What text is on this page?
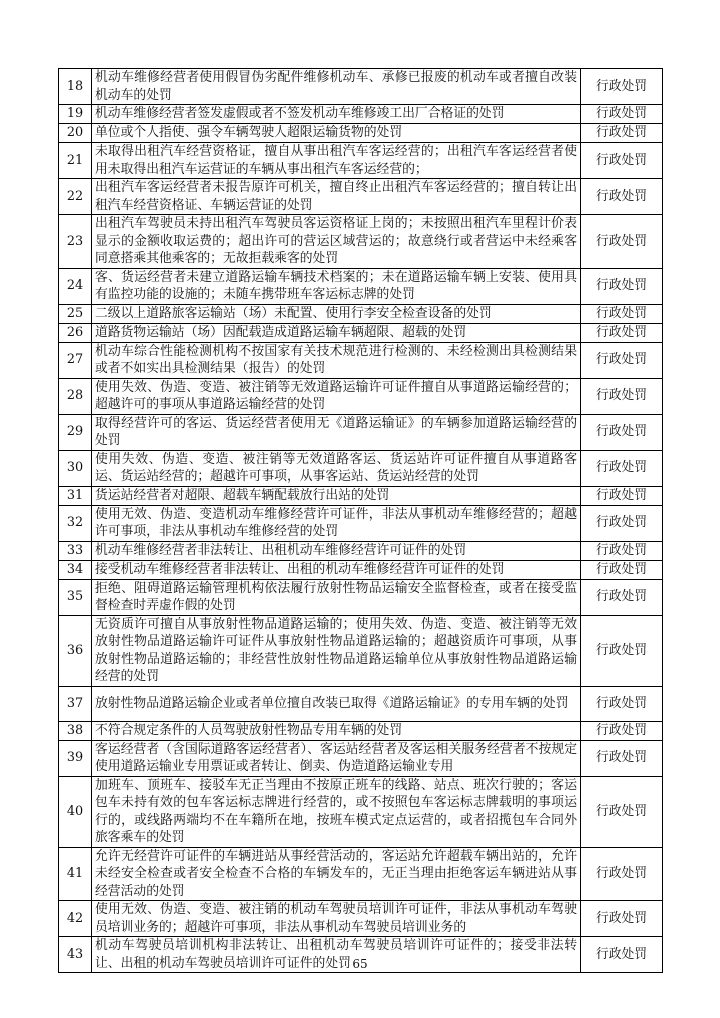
18	机动车维修经营者使用假冒伪劣配件维修机动车、承修已报废的机动车或者擅自改装机动车的处罚	行政处罚
19	机动车维修经营者签发虚假或者不签发机动车维修竣工出厂合格证的处罚	行政处罚
20	单位或个人指使、强令车辆驾驶人超限运输货物的处罚	行政处罚
21	未取得出租汽车经营资格证，擅自从事出租汽车客运经营的；出租汽车客运经营者使用未取得出租汽车运营证的车辆从事出租汽车客运经营的；	行政处罚
22	出租汽车客运经营者未报告原许可机关，擅自终止出租汽车客运经营的；擅自转让出租汽车经营资格证、车辆运营证的处罚	行政处罚
23	出租汽车驾驶员未持出租汽车驾驶员客运资格证上岗的；未按照出租汽车里程计价表显示的金额收取运费的；超出许可的营运区域营运的；故意绕行或者营运中未经乘客同意搭乘其他乘客的；无故拒载乘客的处罚	行政处罚
24	客、货运经营者未建立道路运输车辆技术档案的；未在道路运输车辆上安装、使用具有监控功能的设施的；未随车携带班车客运标志牌的处罚	行政处罚
25	二级以上道路旅客运输站（场）未配置、使用行李安全检查设备的处罚	行政处罚
26	道路货物运输站（场）因配载造成道路运输车辆超限、超载的处罚	行政处罚
27	机动车综合性能检测机构不按国家有关技术规范进行检测的、未经检测出具检测结果或者不如实出具检测结果（报告）的处罚	行政处罚
28	使用失效、伪造、变造、被注销等无效道路运输许可证件擅自从事道路运输经营的；超越许可的事项从事道路运输经营的处罚	行政处罚
29	取得经营许可的客运、货运经营者使用无《道路运输证》的车辆参加道路运输经营的处罚	行政处罚
30	使用失效、伪造、变造、被注销等无效道路客运、货运站许可证件擅自从事道路客运、货运站经营的；超越许可事项，从事客运站、货运站经营的处罚	行政处罚
31	货运站经营者对超限、超载车辆配载放行出站的处罚	行政处罚
32	使用无效、伪造、变造机动车维修经营许可证件，非法从事机动车维修经营的；超越许可事项，非法从事机动车维修经营的处罚	行政处罚
33	机动车维修经营者非法转让、出租机动车维修经营许可证件的处罚	行政处罚
34	接受机动车维修经营者非法转让、出租的机动车维修经营许可证件的处罚	行政处罚
35	拒绝、阻碍道路运输管理机构依法履行放射性物品运输安全监督检查，或者在接受监督检查时弄虚作假的处罚	行政处罚
36	无资质许可擅自从事放射性物品道路运输的；使用失效、伪造、变造、被注销等无效放射性物品道路运输许可证件从事放射性物品道路运输的；超越资质许可事项，从事放射性物品道路运输的；非经营性放射性物品道路运输单位从事放射性物品道路运输经营的处罚	行政处罚
37	放射性物品道路运输企业或者单位擅自改装已取得《道路运输证》的专用车辆的处罚	行政处罚
38	不符合规定条件的人员驾驶放射性物品专用车辆的处罚	行政处罚
39	客运经营者（含国际道路客运经营者）、客运站经营者及客运相关服务经营者不按规定使用道路运输业专用票证或者转让、倒卖、伪造道路运输业专用	行政处罚
40	加班车、顶班车、接驳车无正当理由不按原正班车的线路、站点、班次行驶的；客运包车未持有效的包车客运标志牌进行经营的，或不按照包车客运标志牌载明的事项运行的，或线路两端均不在车籍所在地，按班车模式定点运营的，或者招揽包车合同外旅客乘车的处罚	行政处罚
41	允许无经营许可证件的车辆进站从事经营活动的，客运站允许超载车辆出站的，允许未经安全检查或者安全检查不合格的车辆发车的，无正当理由拒绝客运车辆进站从事经营活动的处罚	行政处罚
42	使用无效、伪造、变造、被注销的机动车驾驶员培训许可证件，非法从事机动车驾驶员培训业务的；超越许可事项，非法从事机动车驾驶员培训业务的	行政处罚
43	机动车驾驶员培训机构非法转让、出租机动车驾驶员培训许可证件的；接受非法转让、出租的机动车驾驶员培训许可证件的处罚	行政处罚
65
